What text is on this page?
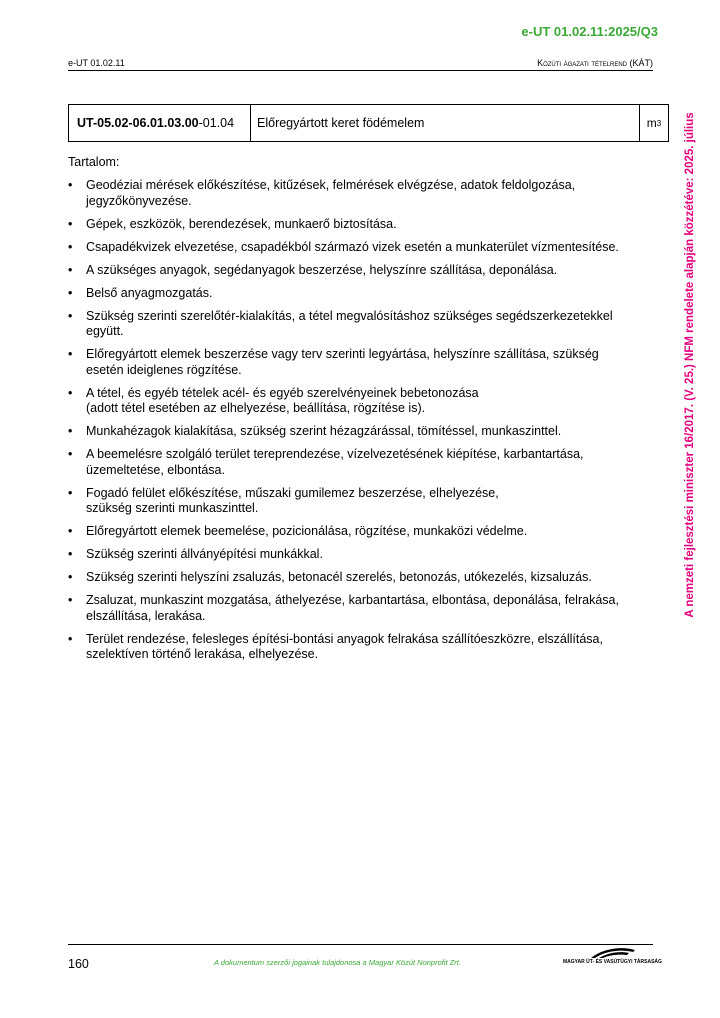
e-UT 01.02.11:2025/Q3
e-UT 01.02.11	Közúti ágazati tételrend (KÁT)
UT-05.02-06.01.03.00 -01.04	Előregyártott keret födémelem	m 3
Tartalom:
• Geodéziai mérések előkészítése, kitűzések, felmérések elvégzése, adatok feldolgozása, jegyzőkönyvezése.
• Gépek, eszközök, berendezések, munkaerő biztosítása.
• Csapadékvizek elvezetése, csapadékból származó vizek esetén a munkaterület vízmentesítése.
• A szükséges anyagok, segédanyagok beszerzése, helyszínre szállítása, deponálása.
• Belső anyagmozgatás.
• Szükség szerinti szerelőtér-kialakítás, a tétel megvalósításhoz szükséges segédszerkezetekkel együtt.
• Előregyártott elemek beszerzése vagy terv szerinti legyártása, helyszínre szállítása, szükség esetén ideiglenes rögzítése.
• A tétel, és egyéb tételek acél- és egyéb szerelvényeinek bebetonozása
(adott tétel esetében az elhelyezése, beállítása, rögzítése is).
• Munkahézagok kialakítása, szükség szerint hézagzárással, tömítéssel, munkaszinttel.
• A beemelésre szolgáló terület tereprendezése, vízelvezetésének kiépítése, karbantartása, üzemeltetése, elbontása.
• Fogadó felület előkészítése, műszaki gumilemez beszerzése, elhelyezése,
szükség szerinti munkaszinttel.
• Előregyártott elemek beemelése, pozicionálása, rögzítése, munkaközi védelme.
• Szükség szerinti állványépítési munkákkal.
• Szükség szerinti helyszíni zsaluzás, betonacél szerelés, betonozás, utókezelés, kizsaluzás.
• Zsaluzat, munkaszint mozgatása, áthelyezése, karbantartása, elbontása, deponálása, felrakása, elszállítása, lerakása.
• Terület rendezése, felesleges építési-bontási anyagok felrakása szállítóeszközre, elszállítása, szelektíven történő lerakása, elhelyezése.
A nemzeti fejlesztési miniszter 16/2017. (V. 25.) NFM rendelete alapján közzétéve: 2025. július
160	A dokumentum szerzői jogainak tulajdonosa a Magyar Közút Nonprofit Zrt.	MAGYAR ÚT- ÉS VASÚTÜGYI TÁRSASÁG
